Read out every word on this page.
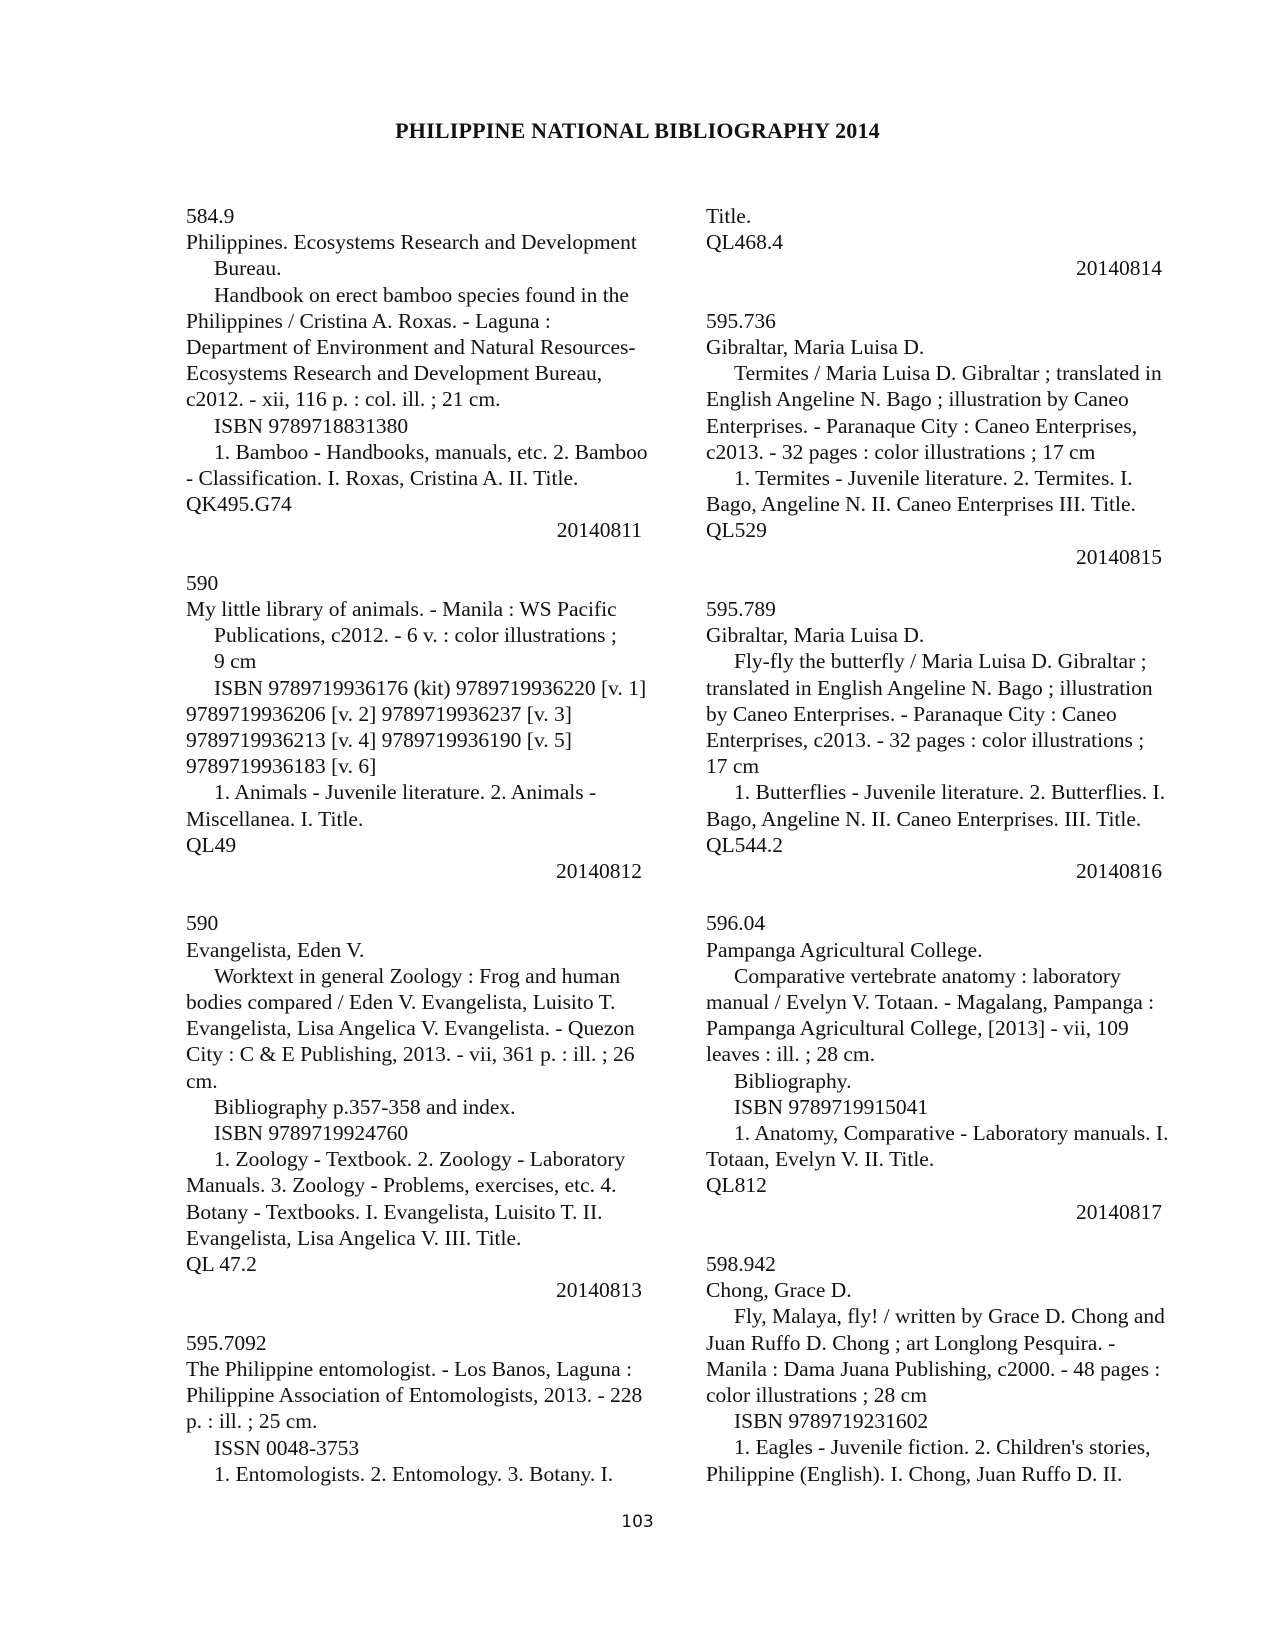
PHILIPPINE NATIONAL BIBLIOGRAPHY 2014
584.9
Philippines. Ecosystems Research and Development
Bureau.
Handbook on erect bamboo species found in the
Philippines / Cristina A. Roxas. - Laguna :
Department of Environment and Natural Resources-
Ecosystems Research and Development Bureau,
c2012. - xii, 116 p. : col. ill. ; 21 cm.
ISBN 9789718831380
1. Bamboo - Handbooks, manuals, etc. 2. Bamboo
- Classification. I. Roxas, Cristina A. II. Title.
QK495.G74
20140811
590
My little library of animals. - Manila : WS Pacific
Publications, c2012. - 6 v. : color illustrations ;
9 cm
ISBN 9789719936176 (kit) 9789719936220 [v. 1]
9789719936206 [v. 2] 9789719936237 [v. 3]
9789719936213 [v. 4] 9789719936190 [v. 5]
9789719936183 [v. 6]
1. Animals - Juvenile literature. 2. Animals -
Miscellanea. I. Title.
QL49
20140812
590
Evangelista, Eden V.
Worktext in general Zoology : Frog and human
bodies compared / Eden V. Evangelista, Luisito T.
Evangelista, Lisa Angelica V. Evangelista. - Quezon
City : C & E Publishing, 2013. - vii, 361 p. : ill. ; 26
cm.
Bibliography p.357-358 and index.
ISBN 9789719924760
1. Zoology - Textbook. 2. Zoology - Laboratory
Manuals. 3. Zoology - Problems, exercises, etc. 4.
Botany - Textbooks. I. Evangelista, Luisito T. II.
Evangelista, Lisa Angelica V. III. Title.
QL 47.2
20140813
595.7092
The Philippine entomologist. - Los Banos, Laguna :
Philippine Association of Entomologists, 2013. - 228
p. : ill. ; 25 cm.
ISSN 0048-3753
1. Entomologists. 2. Entomology. 3. Botany. I.
Title.
QL468.4
20140814
595.736
Gibraltar, Maria Luisa D.
Termites / Maria Luisa D. Gibraltar ; translated in
English Angeline N. Bago ; illustration by Caneo
Enterprises. - Paranaque City : Caneo Enterprises,
c2013. - 32 pages : color illustrations ; 17 cm
1. Termites - Juvenile literature. 2. Termites. I.
Bago, Angeline N. II. Caneo Enterprises III. Title.
QL529
20140815
595.789
Gibraltar, Maria Luisa D.
Fly-fly the butterfly / Maria Luisa D. Gibraltar ;
translated in English Angeline N. Bago ; illustration
by Caneo Enterprises. - Paranaque City : Caneo
Enterprises, c2013. - 32 pages : color illustrations ;
17 cm
1. Butterflies - Juvenile literature. 2. Butterflies. I.
Bago, Angeline N. II. Caneo Enterprises. III. Title.
QL544.2
20140816
596.04
Pampanga Agricultural College.
Comparative vertebrate anatomy : laboratory
manual / Evelyn V. Totaan. - Magalang, Pampanga :
Pampanga Agricultural College, [2013] - vii, 109
leaves : ill. ; 28 cm.
Bibliography.
ISBN 9789719915041
1. Anatomy, Comparative - Laboratory manuals. I.
Totaan, Evelyn V. II. Title.
QL812
20140817
598.942
Chong, Grace D.
Fly, Malaya, fly! / written by Grace D. Chong and
Juan Ruffo D. Chong ; art Longlong Pesquira. -
Manila : Dama Juana Publishing, c2000. - 48 pages :
color illustrations ; 28 cm
ISBN 9789719231602
1. Eagles - Juvenile fiction. 2. Children's stories,
Philippine (English). I. Chong, Juan Ruffo D. II.
103
